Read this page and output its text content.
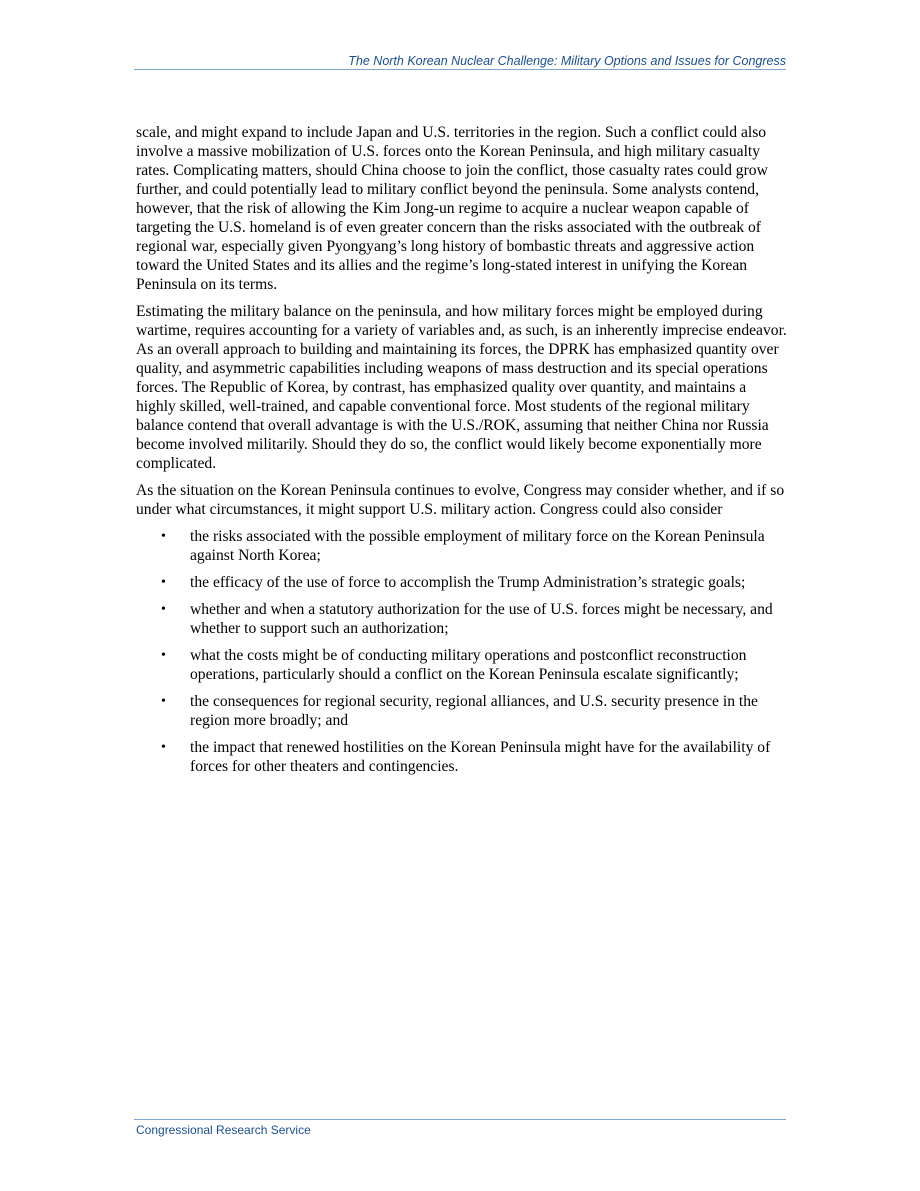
The North Korean Nuclear Challenge: Military Options and Issues for Congress

scale, and might expand to include Japan and U.S. territories in the region. Such a conflict could also involve a massive mobilization of U.S. forces onto the Korean Peninsula, and high military casualty rates. Complicating matters, should China choose to join the conflict, those casualty rates could grow further, and could potentially lead to military conflict beyond the peninsula. Some analysts contend, however, that the risk of allowing the Kim Jong-un regime to acquire a nuclear weapon capable of targeting the U.S. homeland is of even greater concern than the risks associated with the outbreak of regional war, especially given Pyongyang’s long history of bombastic threats and aggressive action toward the United States and its allies and the regime’s long-stated interest in unifying the Korean Peninsula on its terms.

Estimating the military balance on the peninsula, and how military forces might be employed during wartime, requires accounting for a variety of variables and, as such, is an inherently imprecise endeavor. As an overall approach to building and maintaining its forces, the DPRK has emphasized quantity over quality, and asymmetric capabilities including weapons of mass destruction and its special operations forces. The Republic of Korea, by contrast, has emphasized quality over quantity, and maintains a highly skilled, well-trained, and capable conventional force. Most students of the regional military balance contend that overall advantage is with the U.S./ROK, assuming that neither China nor Russia become involved militarily. Should they do so, the conflict would likely become exponentially more complicated.

As the situation on the Korean Peninsula continues to evolve, Congress may consider whether, and if so under what circumstances, it might support U.S. military action. Congress could also consider

• the risks associated with the possible employment of military force on the Korean Peninsula against North Korea;
• the efficacy of the use of force to accomplish the Trump Administration’s strategic goals;
• whether and when a statutory authorization for the use of U.S. forces might be necessary, and whether to support such an authorization;
• what the costs might be of conducting military operations and postconflict reconstruction operations, particularly should a conflict on the Korean Peninsula escalate significantly;
• the consequences for regional security, regional alliances, and U.S. security presence in the region more broadly; and
• the impact that renewed hostilities on the Korean Peninsula might have for the availability of forces for other theaters and contingencies.
Congressional Research Service
